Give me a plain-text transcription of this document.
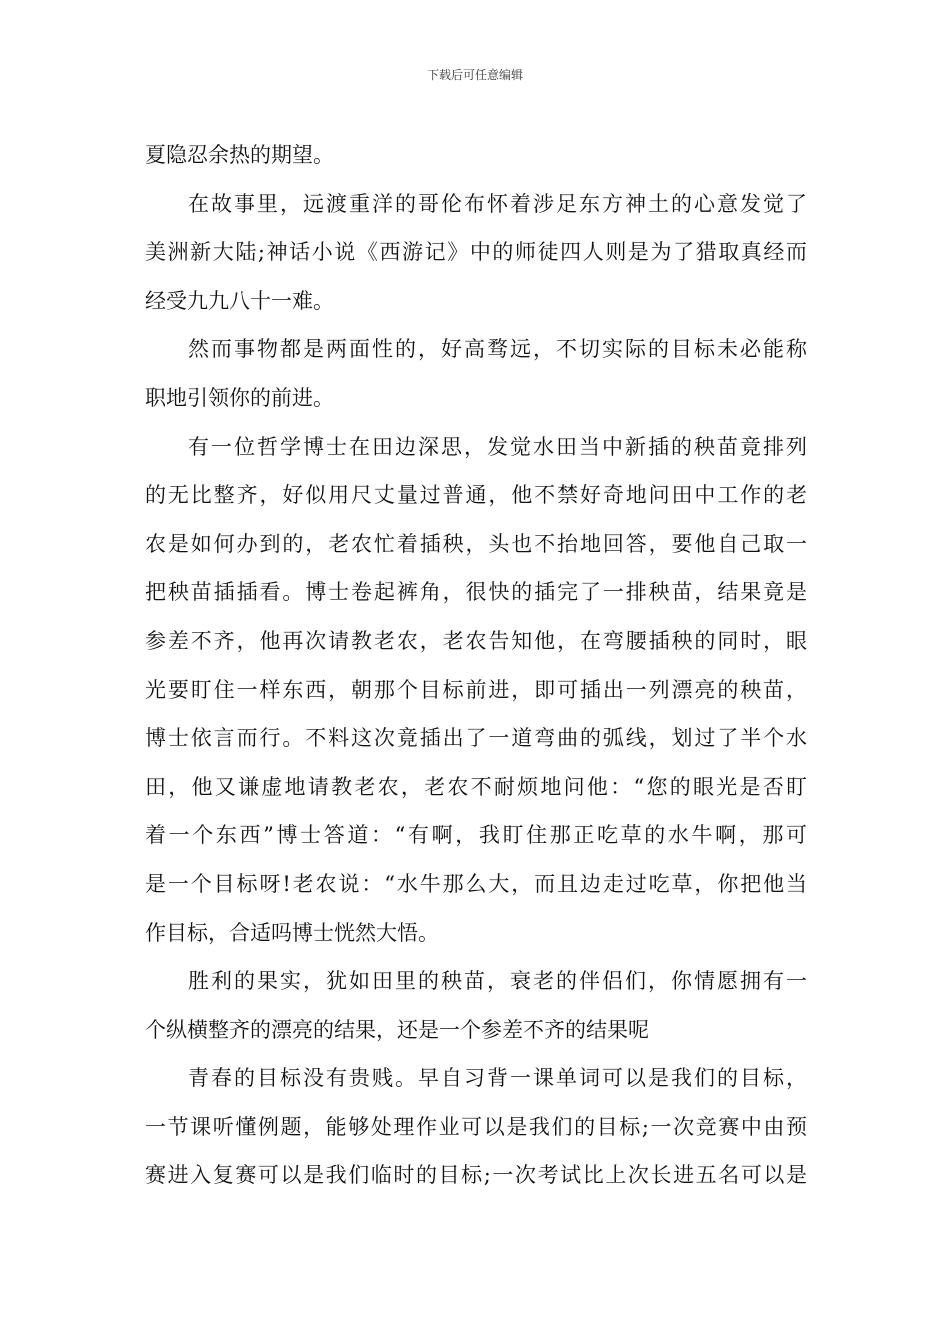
下载后可任意编辑
夏隐忍余热的期望。
在故事里，远渡重洋的哥伦布怀着涉足东方神土的心意发觉了
美洲新大陆;神话小说《西游记》中的师徒四人则是为了猎取真经而
经受九九八十一难。
然而事物都是两面性的，好高骛远，不切实际的目标未必能称
职地引领你的前进。
有一位哲学博士在田边深思，发觉水田当中新插的秧苗竟排列
的无比整齐，好似用尺丈量过普通，他不禁好奇地问田中工作的老
农是如何办到的，老农忙着插秧，头也不抬地回答，要他自己取一
把秧苗插插看。博士卷起裤角，很快的插完了一排秧苗，结果竟是
参差不齐，他再次请教老农，老农告知他，在弯腰插秧的同时，眼
光要盯住一样东西，朝那个目标前进，即可插出一列漂亮的秧苗，
博士依言而行。不料这次竟插出了一道弯曲的弧线，划过了半个水
田，他又谦虚地请教老农，老农不耐烦地问他：“您的眼光是否盯
着一个东西”博士答道：“有啊，我盯住那正吃草的水牛啊，那可
是一个目标呀!老农说：“水牛那么大，而且边走过吃草，你把他当
作目标，合适吗博士恍然大悟。
胜利的果实，犹如田里的秧苗，衰老的伴侣们，你情愿拥有一
个纵横整齐的漂亮的结果，还是一个参差不齐的结果呢
青春的目标没有贵贱。早自习背一课单词可以是我们的目标，
一节课听懂例题，能够处理作业可以是我们的目标;一次竞赛中由预
赛进入复赛可以是我们临时的目标;一次考试比上次长进五名可以是
